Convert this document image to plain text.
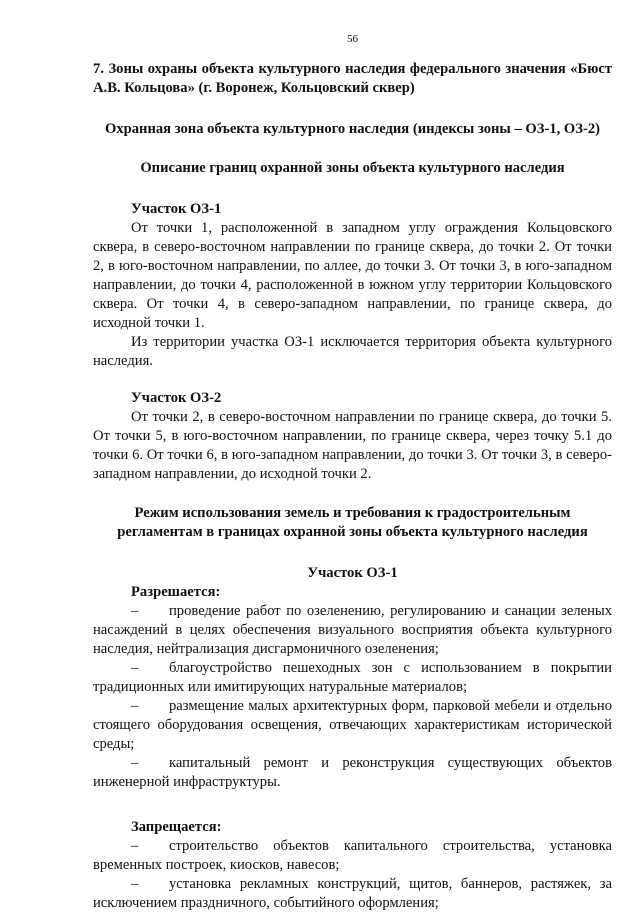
56

7. Зоны охраны объекта культурного наследия федерального значения «Бюст А.В. Кольцова» (г. Воронеж, Кольцовский сквер)

Охранная зона объекта культурного наследия (индексы зоны – ОЗ-1, ОЗ-2)

Описание границ охранной зоны объекта культурного наследия

Участок ОЗ-1

От точки 1, расположенной в западном углу ограждения Кольцовского сквера, в северо-восточном направлении по границе сквера, до точки 2. От точки 2, в юго-восточном направлении, по аллее, до точки 3. От точки 3, в юго-западном направлении, до точки 4, расположенной в южном углу территории Кольцовского сквера. От точки 4, в северо-западном направлении, по границе сквера, до исходной точки 1.

Из территории участка ОЗ-1 исключается территория объекта культурного наследия.

Участок ОЗ-2

От точки 2, в северо-восточном направлении по границе сквера, до точки 5. От точки 5, в юго-восточном направлении, по границе сквера, через точку 5.1 до точки 6. От точки 6, в юго-западном направлении, до точки 3. От точки 3, в северо-западном направлении, до исходной точки 2.

Режим использования земель и требования к градостроительным регламентам в границах охранной зоны объекта культурного наследия

Участок ОЗ-1

Разрешается:

– проведение работ по озеленению, регулированию и санации зеленых насаждений в целях обеспечения визуального восприятия объекта культурного наследия, нейтрализация дисгармоничного озеленения;

– благоустройство пешеходных зон с использованием в покрытии традиционных или имитирующих натуральные материалов;

– размещение малых архитектурных форм, парковой мебели и отдельно стоящего оборудования освещения, отвечающих характеристикам исторической среды;

– капитальный ремонт и реконструкция существующих объектов инженерной инфраструктуры.

Запрещается:

– строительство объектов капитального строительства, установка временных построек, киосков, навесов;

– установка рекламных конструкций, щитов, баннеров, растяжек, за исключением праздничного, событийного оформления;
